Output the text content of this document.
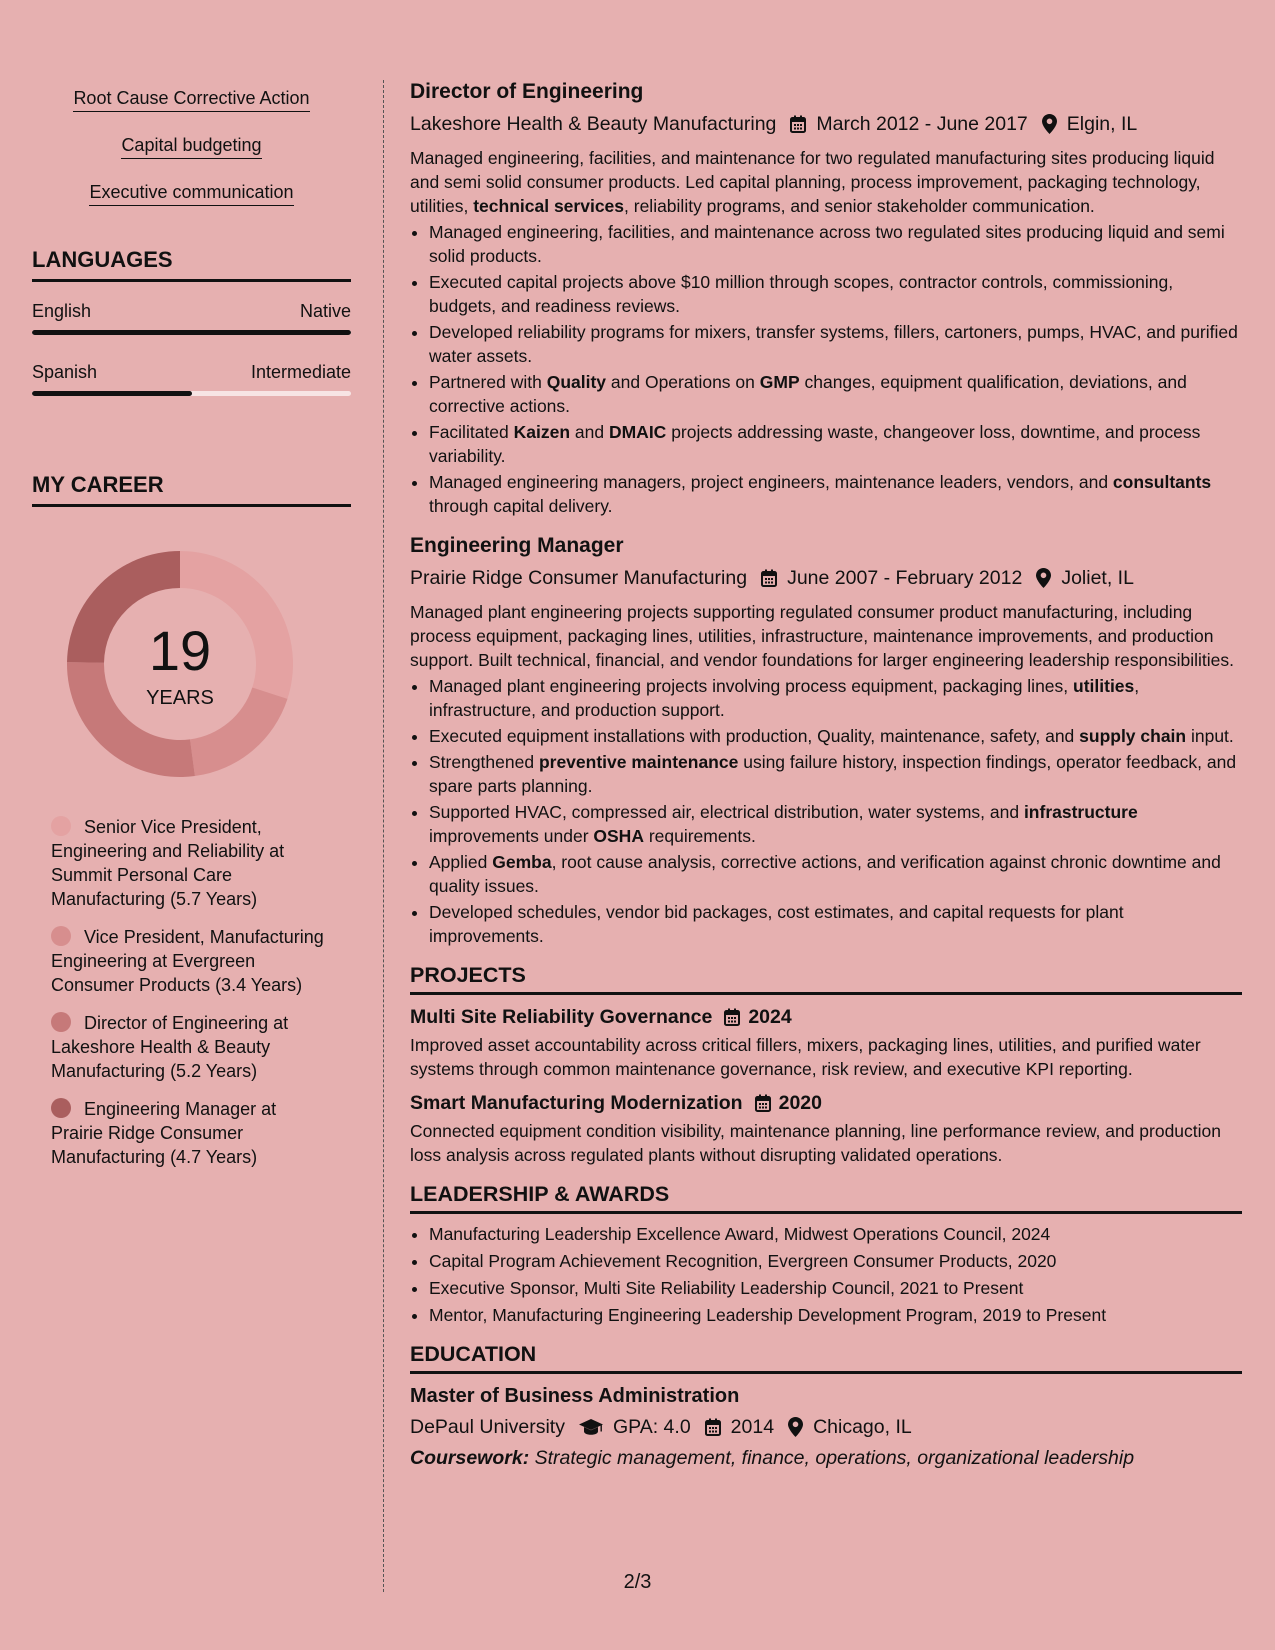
Root Cause Corrective Action
Capital budgeting
Executive communication
LANGUAGES
English	Native
Spanish	Intermediate
MY CAREER
19
YEARS
Senior Vice President, Engineering and Reliability at Summit Personal Care Manufacturing (5.7 Years)
Vice President, Manufacturing Engineering at Evergreen Consumer Products (3.4 Years)
Director of Engineering at Lakeshore Health & Beauty Manufacturing (5.2 Years)
Engineering Manager at Prairie Ridge Consumer Manufacturing (4.7 Years)
Director of Engineering
Lakeshore Health & Beauty Manufacturing March 2012 - June 2017 Elgin, IL
Managed engineering, facilities, and maintenance for two regulated manufacturing sites producing liquid and semi solid consumer products. Led capital planning, process improvement, packaging technology, utilities, technical services, reliability programs, and senior stakeholder communication.
• Managed engineering, facilities, and maintenance across two regulated sites producing liquid and semi solid products.
• Executed capital projects above $10 million through scopes, contractor controls, commissioning, budgets, and readiness reviews.
• Developed reliability programs for mixers, transfer systems, fillers, cartoners, pumps, HVAC, and purified water assets.
• Partnered with Quality and Operations on GMP changes, equipment qualification, deviations, and corrective actions.
• Facilitated Kaizen and DMAIC projects addressing waste, changeover loss, downtime, and process variability.
• Managed engineering managers, project engineers, maintenance leaders, vendors, and consultants through capital delivery.
Engineering Manager
Prairie Ridge Consumer Manufacturing June 2007 - February 2012 Joliet, IL
Managed plant engineering projects supporting regulated consumer product manufacturing, including process equipment, packaging lines, utilities, infrastructure, maintenance improvements, and production support. Built technical, financial, and vendor foundations for larger engineering leadership responsibilities.
• Managed plant engineering projects involving process equipment, packaging lines, utilities, infrastructure, and production support.
• Executed equipment installations with production, Quality, maintenance, safety, and supply chain input.
• Strengthened preventive maintenance using failure history, inspection findings, operator feedback, and spare parts planning.
• Supported HVAC, compressed air, electrical distribution, water systems, and infrastructure improvements under OSHA requirements.
• Applied Gemba, root cause analysis, corrective actions, and verification against chronic downtime and quality issues.
• Developed schedules, vendor bid packages, cost estimates, and capital requests for plant improvements.
PROJECTS
Multi Site Reliability Governance 2024
Improved asset accountability across critical fillers, mixers, packaging lines, utilities, and purified water systems through common maintenance governance, risk review, and executive KPI reporting.
Smart Manufacturing Modernization 2020
Connected equipment condition visibility, maintenance planning, line performance review, and production loss analysis across regulated plants without disrupting validated operations.
LEADERSHIP & AWARDS
• Manufacturing Leadership Excellence Award, Midwest Operations Council, 2024
• Capital Program Achievement Recognition, Evergreen Consumer Products, 2020
• Executive Sponsor, Multi Site Reliability Leadership Council, 2021 to Present
• Mentor, Manufacturing Engineering Leadership Development Program, 2019 to Present
EDUCATION
Master of Business Administration
DePaul University GPA: 4.0 2014 Chicago, IL
Coursework: Strategic management, finance, operations, organizational leadership
2/3
